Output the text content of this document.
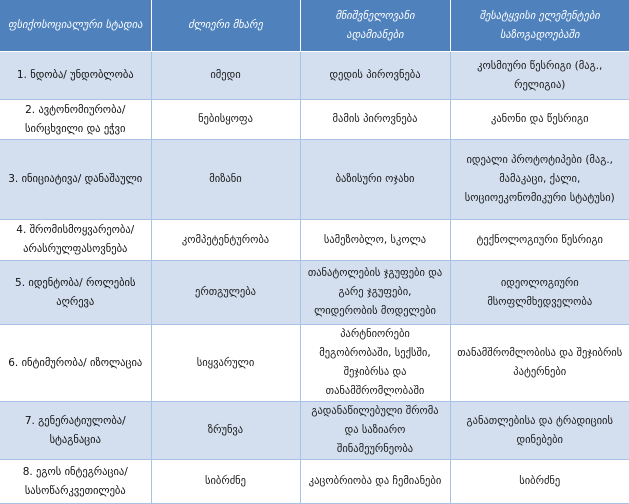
ფსიქოსოციალური სტადია	ძლიერი მხარე	მნიშვნელოვანი ადამიანები	შესატყვისი ელემენტები საზოგადოებაში
1. ნდობა/ უნდობლობა	იმედი	დედის პიროვნება	კოსმიური წესრიგი (მაგ., რელიგია)
2. ავტონომიურობა/ სირცხვილი და ეჭვი	ნებისყოფა	მამის პიროვნება	კანონი და წესრიგი
3. ინიციატივა/ დანაშაული	მიზანი	ბაზისური ოჯახი	იდეალი პროტოტიპები (მაგ., მამაკაცი, ქალი, სოციოეკონომიკური სტატუსი)
4. შრომისმოყვარეობა/ არასრულფასოვნება	კომპეტენტურობა	სამეზობლო, სკოლა	ტექნოლოგიური წესრიგი
5. იდენტობა/ როლების აღრევა	ერთგულება	თანატოლების ჯგუფები და გარე ჯგუფები, ლიდერობის მოდელები	იდეოლოგიური მსოფლმხედველობა
6. ინტიმურობა/ იზოლაცია	სიყვარული	პარტნიორები მეგობრობაში, სექსში, შეჯიბრსა და თანამშრომლობაში	თანამშრომლობისა და შეჯიბრის პატერნები
7. გენერატიულობა/ სტაგნაცია	ზრუნვა	გადანაწილებული შრომა და საზიარო შინამეურნეობა	განათლებისა და ტრადიციის დინებები
8. ეგოს ინტეგრაცია/ სასოწარკვეთილება	სიბრძნე	კაცობრიობა და ჩემიანები	სიბრძნე
